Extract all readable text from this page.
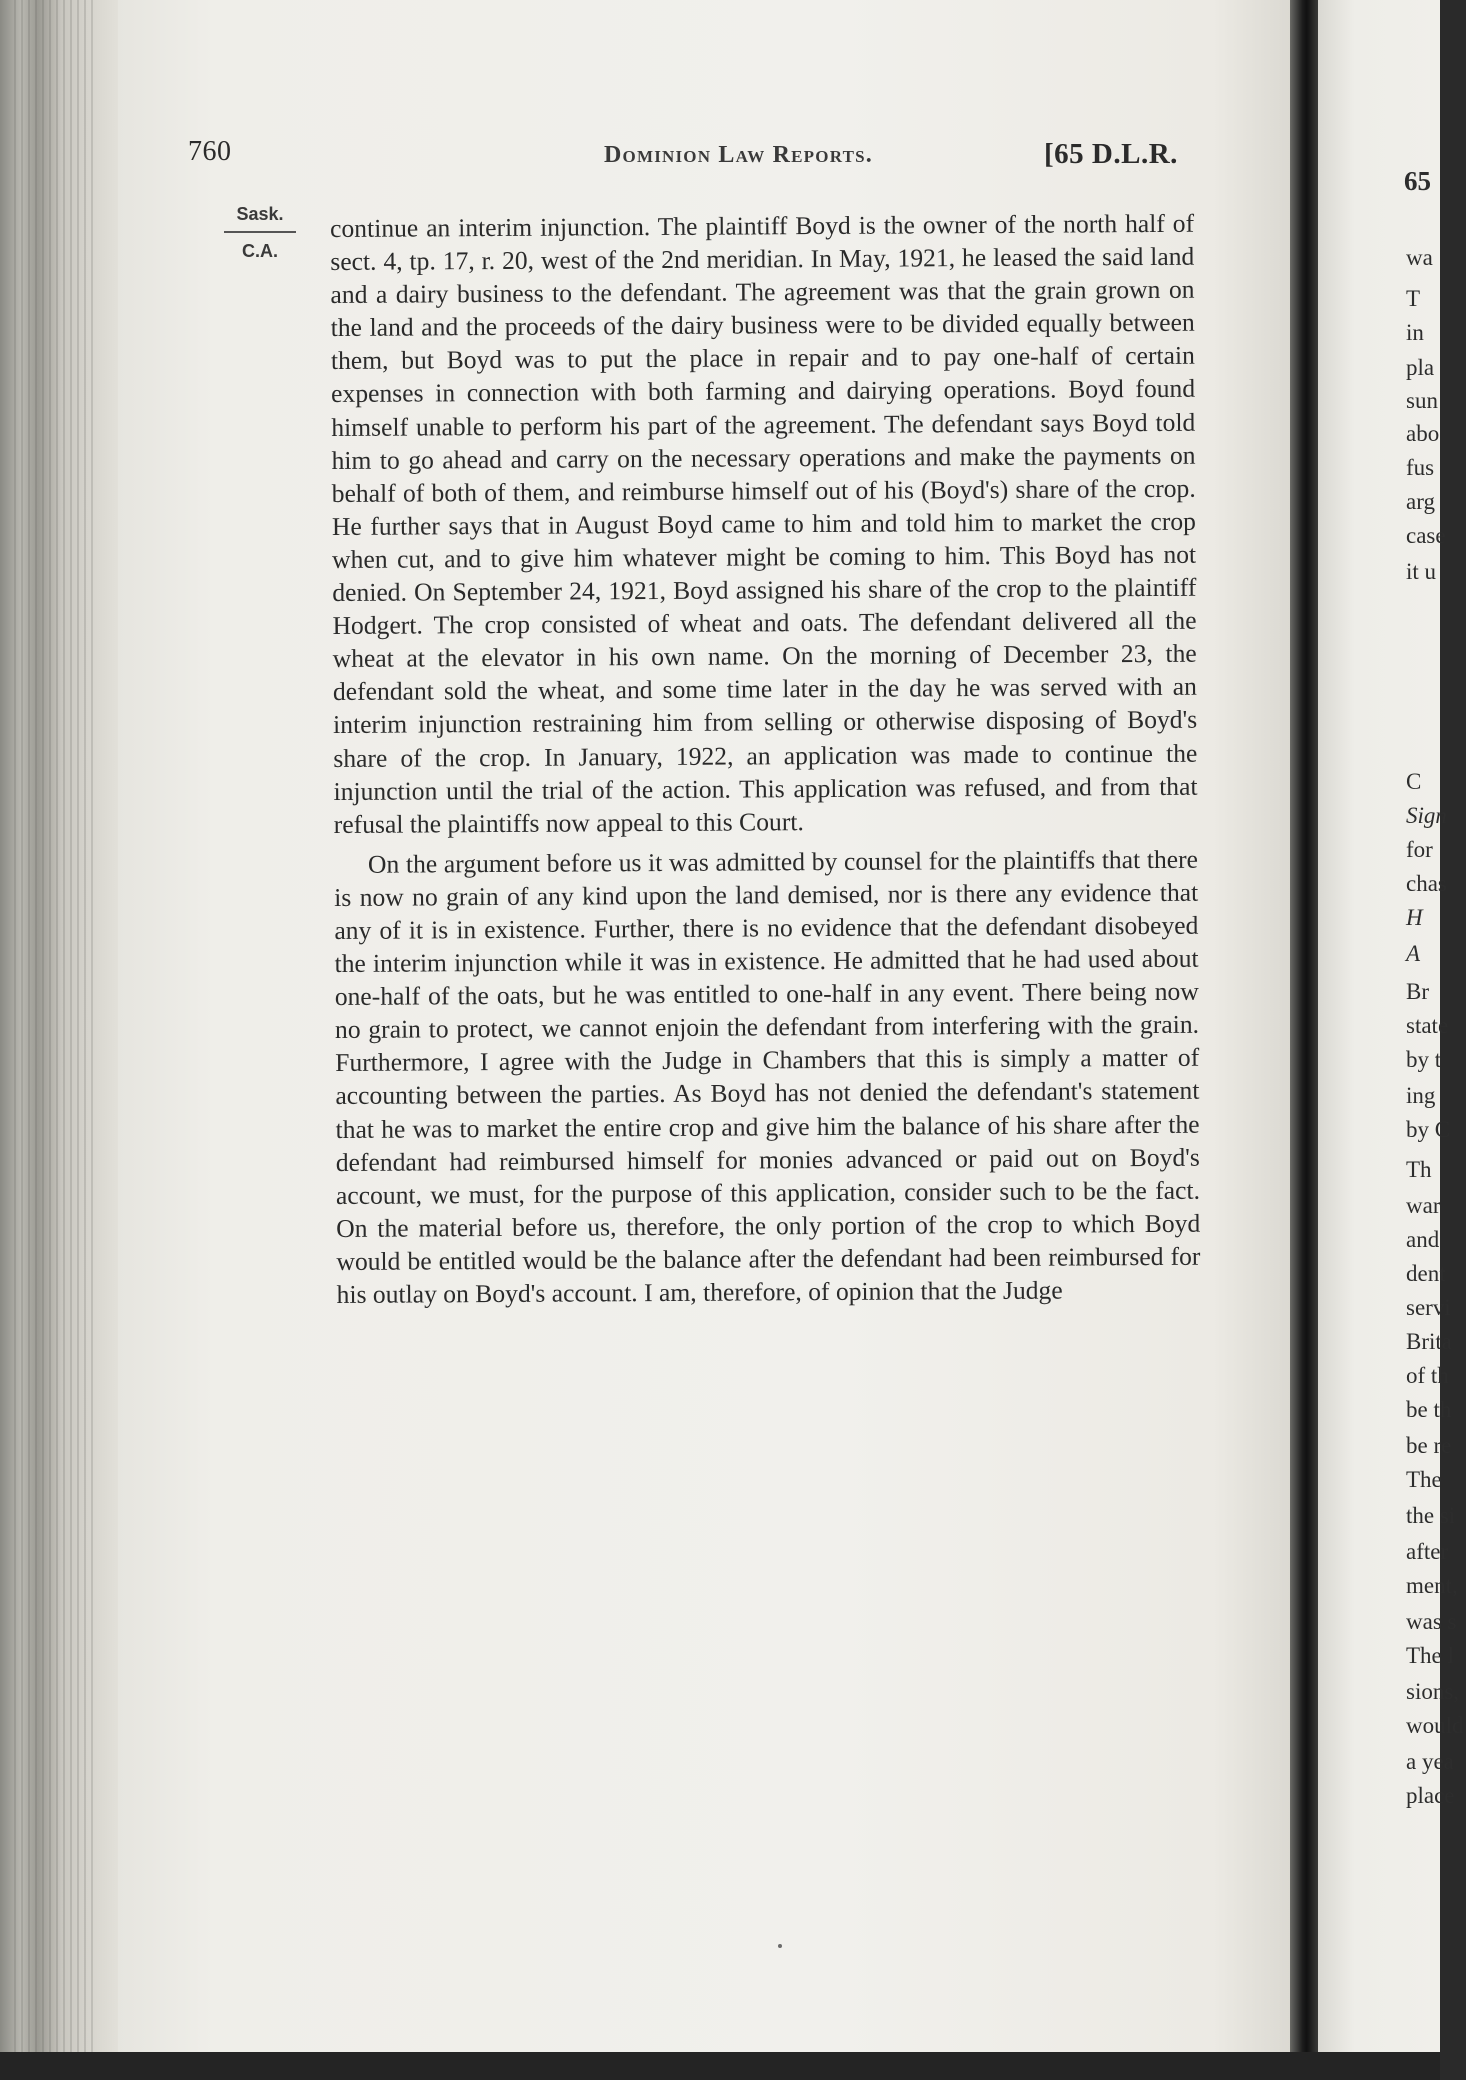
760	Dominion Law Reports.	[65 D.L.R.
Sask.
C.A.

continue an interim injunction. The plaintiff Boyd is the owner of the north half of sect. 4, tp. 17, r. 20, west of the 2nd meridian. In May, 1921, he leased the said land and a dairy business to the defendant. The agreement was that the grain grown on the land and the proceeds of the dairy business were to be divided equally between them, but Boyd was to put the place in repair and to pay one-half of certain expenses in connection with both farming and dairying operations. Boyd found himself unable to perform his part of the agreement. The defendant says Boyd told him to go ahead and carry on the necessary operations and make the payments on behalf of both of them, and reimburse himself out of his (Boyd's) share of the crop. He further says that in August Boyd came to him and told him to market the crop when cut, and to give him whatever might be coming to him. This Boyd has not denied. On September 24, 1921, Boyd assigned his share of the crop to the plaintiff Hodgert. The crop consisted of wheat and oats. The defendant delivered all the wheat at the elevator in his own name. On the morning of December 23, the defendant sold the wheat, and some time later in the day he was served with an interim injunction restraining him from selling or otherwise disposing of Boyd's share of the crop. In January, 1922, an application was made to continue the injunction until the trial of the action. This application was refused, and from that refusal the plaintiffs now appeal to this Court.

On the argument before us it was admitted by counsel for the plaintiffs that there is now no grain of any kind upon the land demised, nor is there any evidence that any of it is in existence. Further, there is no evidence that the defendant disobeyed the interim injunction while it was in existence. He admitted that he had used about one-half of the oats, but he was entitled to one-half in any event. There being now no grain to protect, we cannot enjoin the defendant from interfering with the grain. Furthermore, I agree with the Judge in Chambers that this is simply a matter of accounting between the parties. As Boyd has not denied the defendant's statement that he was to market the entire crop and give him the balance of his share after the defendant had reimbursed himself for monies advanced or paid out on Boyd's account, we must, for the purpose of this application, consider such to be the fact. On the material before us, therefore, the only portion of the crop to which Boyd would be entitled would be the balance after the defendant had been reimbursed for his outlay on Boyd's account. I am, therefore, of opinion that the Judge

65
wa
T
in
pla
sun
abo
fus
arg
case
it u
C
Sign
for
chas
H
A
Br
state
by t
ing
by C
Th
war
and
dent
servi
Brita
of th
be th
be re
The
the si
after
ment,
was s
The l
sions,
would
a yea
place
